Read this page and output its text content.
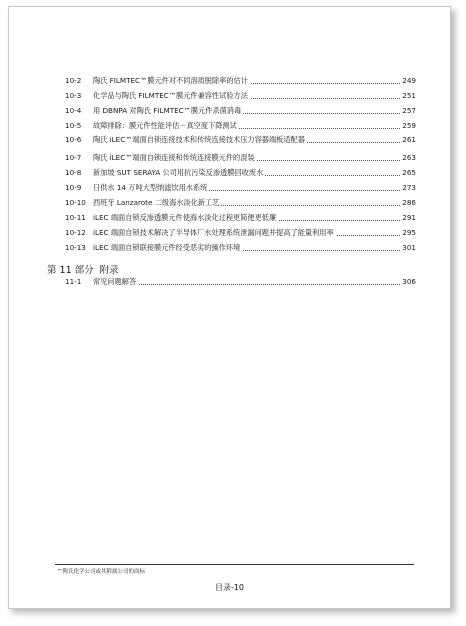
10-2 陶氏 FILMTEC™膜元件对不同溶质脱除率的估计	249
10-3 化学品与陶氏 FILMTEC™膜元件兼容性试验方法	251
10-4 用 DBNPA 对陶氏 FILMTEC™膜元件杀菌消毒	257
10-5 故障排除：膜元件性能评估－真空度下降测试	259
10-6 陶氏 iLEC™端面自锁连接技术和传统连接技术压力容器端板适配器	261
10-7 陶氏 iLEC™端面自锁连接和传统连接膜元件的混装	263
10-8 新加坡 SUT SERAYA 公司用抗污染反渗透膜回收废水	265
10-9 日供水 14 万吨大型纳滤饮用水系统	273
10-10 西班牙 Lanzarote 二级海水淡化新工艺	286
10-11 iLEC 端面自锁反渗透膜元件使海水淡化过程更简便更低廉	291
10-12 iLEC 端面自锁技术解决了半导体厂水处理系统泄漏问题并提高了能量利用率	295
10-13 iLEC 端面自锁联接膜元件经受恶劣的操作环境	301
第 11 部分 附录
11-1 常见问题解答	306
™陶氏化学公司或其附属公司的商标
目录-10
